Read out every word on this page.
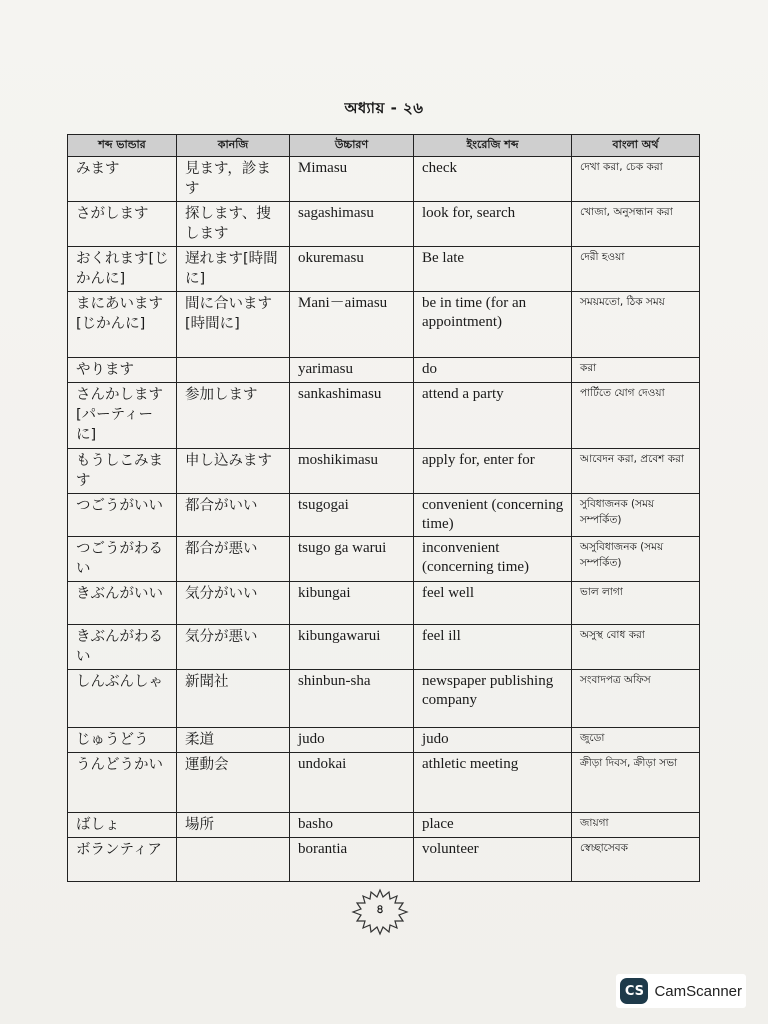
অধ্যায় - ২৬
শব্দ ভান্ডার	কানজি	উচ্চারণ	ইংরেজি শব্দ	বাংলা অর্থ
みます	見ます，診ます	Mimasu	check	দেখা করা, চেক করা
さがします	探します、捜します	sagashimasu	look for, search	খোজা, অনুসন্ধান করা
おくれます[じかんに]	遅れます[時間に]	okuremasu	Be late	দেরী হওয়া
まにあいます[じかんに]	間に合います[時間に]	Mani－aimasu	be in time (for an appointment)	সময়মতো, ঠিক সময়
やります		yarimasu	do	করা
さんかします[パーティーに]	参加します	sankashimasu	attend a party	পার্টিতে যোগ দেওয়া
もうしこみます	申し込みます	moshikimasu	apply for, enter for	আবেদন করা, প্রবেশ করা
つごうがいい	都合がいい	tsugogai	convenient (concerning time)	সুবিধাজনক (সময় সম্পর্কিত)
つごうがわるい	都合が悪い	tsugo ga warui	inconvenient (concerning time)	অসুবিধাজনক (সময় সম্পর্কিত)
きぶんがいい	気分がいい	kibungai	feel well	ভাল লাগা
きぶんがわるい	気分が悪い	kibungawarui	feel ill	অসুস্থ বোধ করা
しんぶんしゃ	新聞社	shinbun-sha	newspaper publishing company	সংবাদপত্র অফিস
じゅうどう	柔道	judo	judo	জুডো
うんどうかい	運動会	undokai	athletic meeting	ক্রীড়া দিবস, ক্রীড়া সভা
ばしょ	場所	basho	place	জায়গা
ボランティア		borantia	volunteer	স্বেচ্ছাসেবক
৪
CS CamScanner
